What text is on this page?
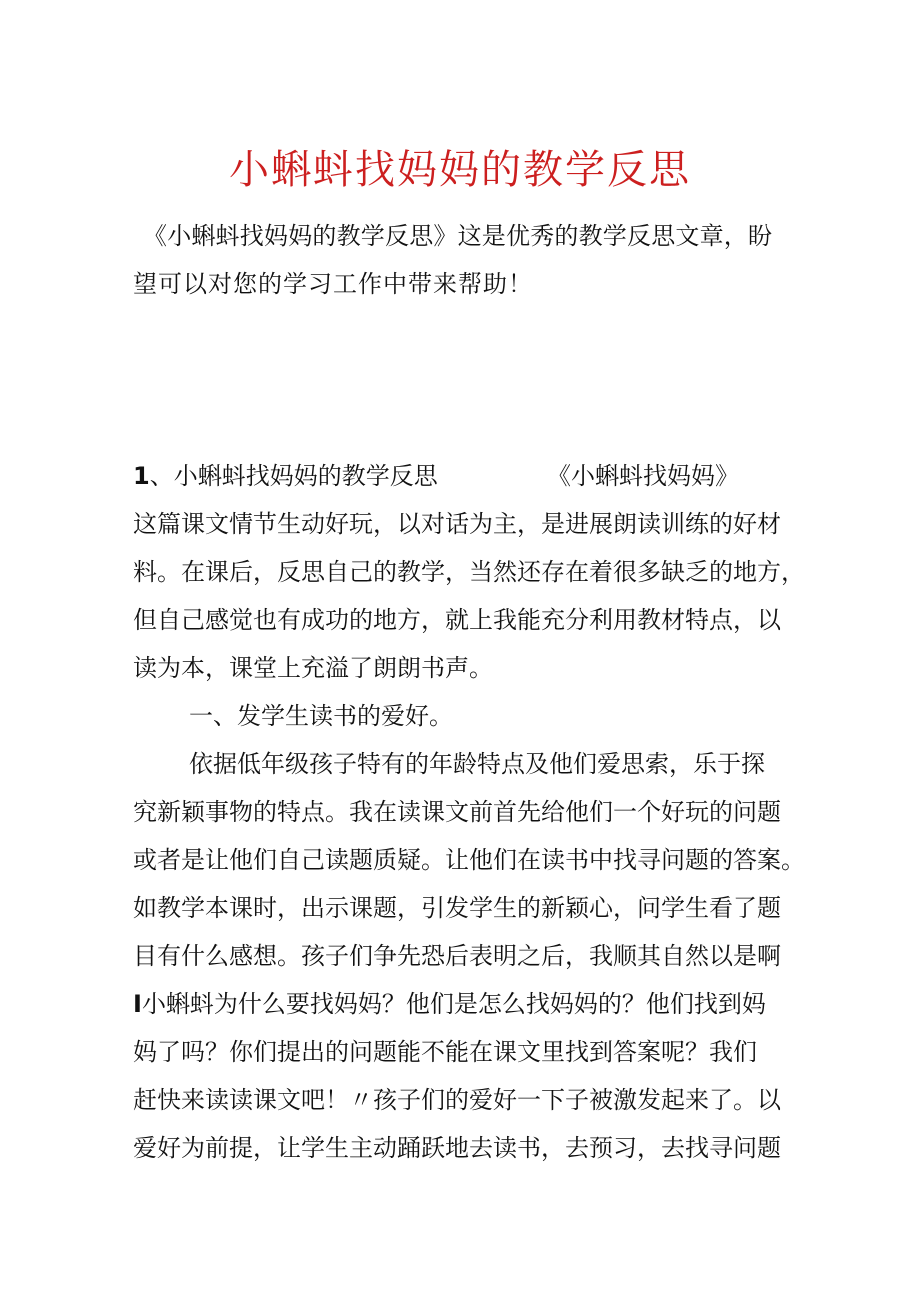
小蝌蚪找妈妈的教学反思

《小蝌蚪找妈妈的教学反思》这是优秀的教学反思文章，盼
望可以对您的学习工作中带来帮助！

1、小蝌蚪找妈妈的教学反思	《小蝌蚪找妈妈》
这篇课文情节生动好玩，以对话为主，是进展朗读训练的好材
料。在课后，反思自己的教学，当然还存在着很多缺乏的地方，
但自己感觉也有成功的地方，就上我能充分利用教材特点，以
读为本，课堂上充溢了朗朗书声。
一、发学生读书的爱好。
依据低年级孩子特有的年龄特点及他们爱思索，乐于探
究新颖事物的特点。我在读课文前首先给他们一个好玩的问题
或者是让他们自己读题质疑。让他们在读书中找寻问题的答案。
如教学本课时，出示课题，引发学生的新颖心，问学生看了题
目有什么感想。孩子们争先恐后表明之后，我顺其自然以是啊
I小蝌蚪为什么要找妈妈？他们是怎么找妈妈的？他们找到妈
妈了吗？你们提出的问题能不能在课文里找到答案呢？我们
赶快来读读课文吧！〃孩子们的爱好一下子被激发起来了。以
爱好为前提，让学生主动踊跃地去读书，去预习，去找寻问题
